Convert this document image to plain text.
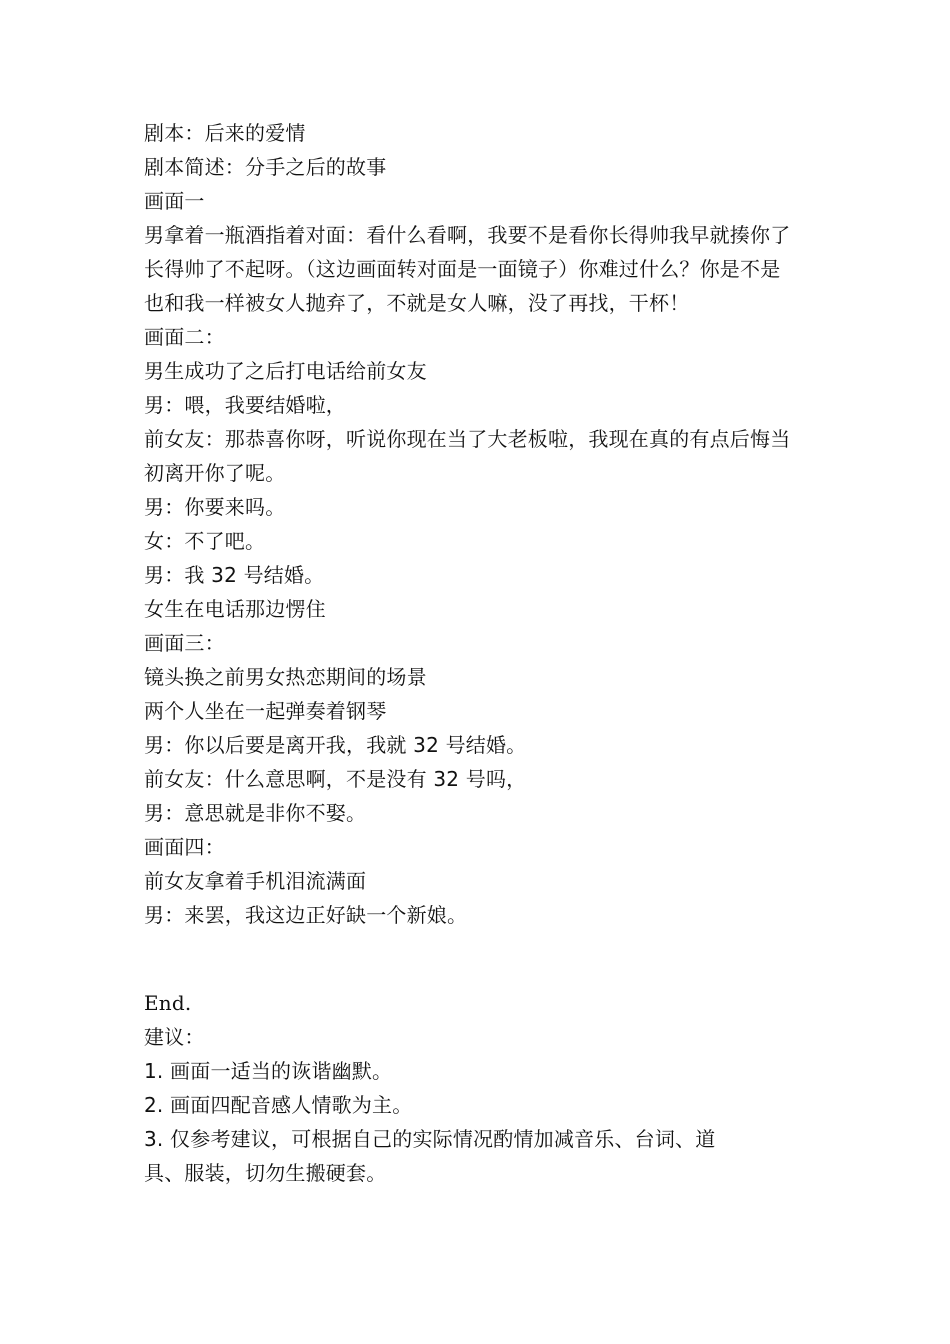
剧本：后来的爱情
剧本简述：分手之后的故事
画面一
男拿着一瓶酒指着对面：看什么看啊，我要不是看你长得帅我早就揍你了
长得帅了不起呀。（这边画面转对面是一面镜子）你难过什么？你是不是
也和我一样被女人抛弃了，不就是女人嘛，没了再找，干杯！
画面二：
男生成功了之后打电话给前女友
男：喂，我要结婚啦，
前女友：那恭喜你呀，听说你现在当了大老板啦，我现在真的有点后悔当
初离开你了呢。
男：你要来吗。
女：不了吧。
男：我 32 号结婚。
女生在电话那边愣住
画面三：
镜头换之前男女热恋期间的场景
两个人坐在一起弹奏着钢琴
男：你以后要是离开我，我就 32 号结婚。
前女友：什么意思啊，不是没有 32 号吗，
男：意思就是非你不娶。
画面四：
前女友拿着手机泪流满面
男：来罢，我这边正好缺一个新娘。
End.
建议：
1. 画面一适当的诙谐幽默。
2. 画面四配音感人情歌为主。
3. 仅参考建议，可根据自己的实际情况酌情加减音乐、台词、道
具、服装，切勿生搬硬套。
